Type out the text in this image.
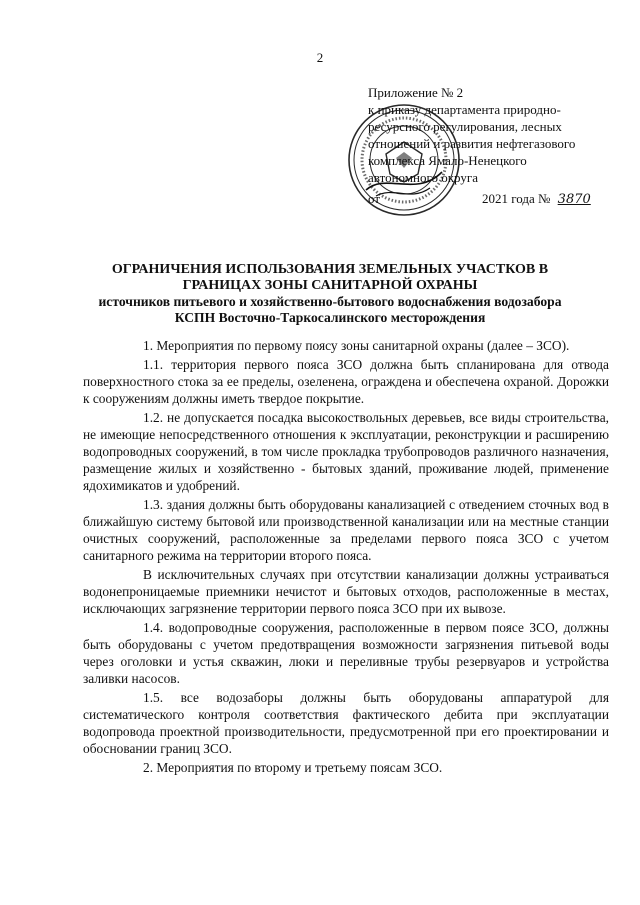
2
Приложение № 2
к приказу департамента природно-
ресурсного регулирования, лесных
отношений и развития нефтегазового
комплекса Ямало-Ненецкого
автономного округа
от	2021 года № 3870
ОГРАНИЧЕНИЯ ИСПОЛЬЗОВАНИЯ ЗЕМЕЛЬНЫХ УЧАСТКОВ В ГРАНИЦАХ ЗОНЫ САНИТАРНОЙ ОХРАНЫ
источников питьевого и хозяйственно-бытового водоснабжения водозабора КСПН Восточно-Таркосалинского месторождения

1. Мероприятия по первому поясу зоны санитарной охраны (далее – ЗСО).

1.1. территория первого пояса ЗСО должна быть спланирована для отвода поверхностного стока за ее пределы, озеленена, ограждена и обеспечена охраной. Дорожки к сооружениям должны иметь твердое покрытие.

1.2. не допускается посадка высокоствольных деревьев, все виды строительства, не имеющие непосредственного отношения к эксплуатации, реконструкции и расширению водопроводных сооружений, в том числе прокладка трубопроводов различного назначения, размещение жилых и хозяйственно - бытовых зданий, проживание людей, применение ядохимикатов и удобрений.

1.3. здания должны быть оборудованы канализацией с отведением сточных вод в ближайшую систему бытовой или производственной канализации или на местные станции очистных сооружений, расположенные за пределами первого пояса ЗСО с учетом санитарного режима на территории второго пояса.

В исключительных случаях при отсутствии канализации должны устраиваться водонепроницаемые приемники нечистот и бытовых отходов, расположенные в местах, исключающих загрязнение территории первого пояса ЗСО при их вывозе.

1.4. водопроводные сооружения, расположенные в первом поясе ЗСО, должны быть оборудованы с учетом предотвращения возможности загрязнения питьевой воды через оголовки и устья скважин, люки и переливные трубы резервуаров и устройства заливки насосов.

1.5. все водозаборы должны быть оборудованы аппаратурой для систематического контроля соответствия фактического дебита при эксплуатации водопровода проектной производительности, предусмотренной при его проектировании и обосновании границ ЗСО.

2. Мероприятия по второму и третьему поясам ЗСО.
